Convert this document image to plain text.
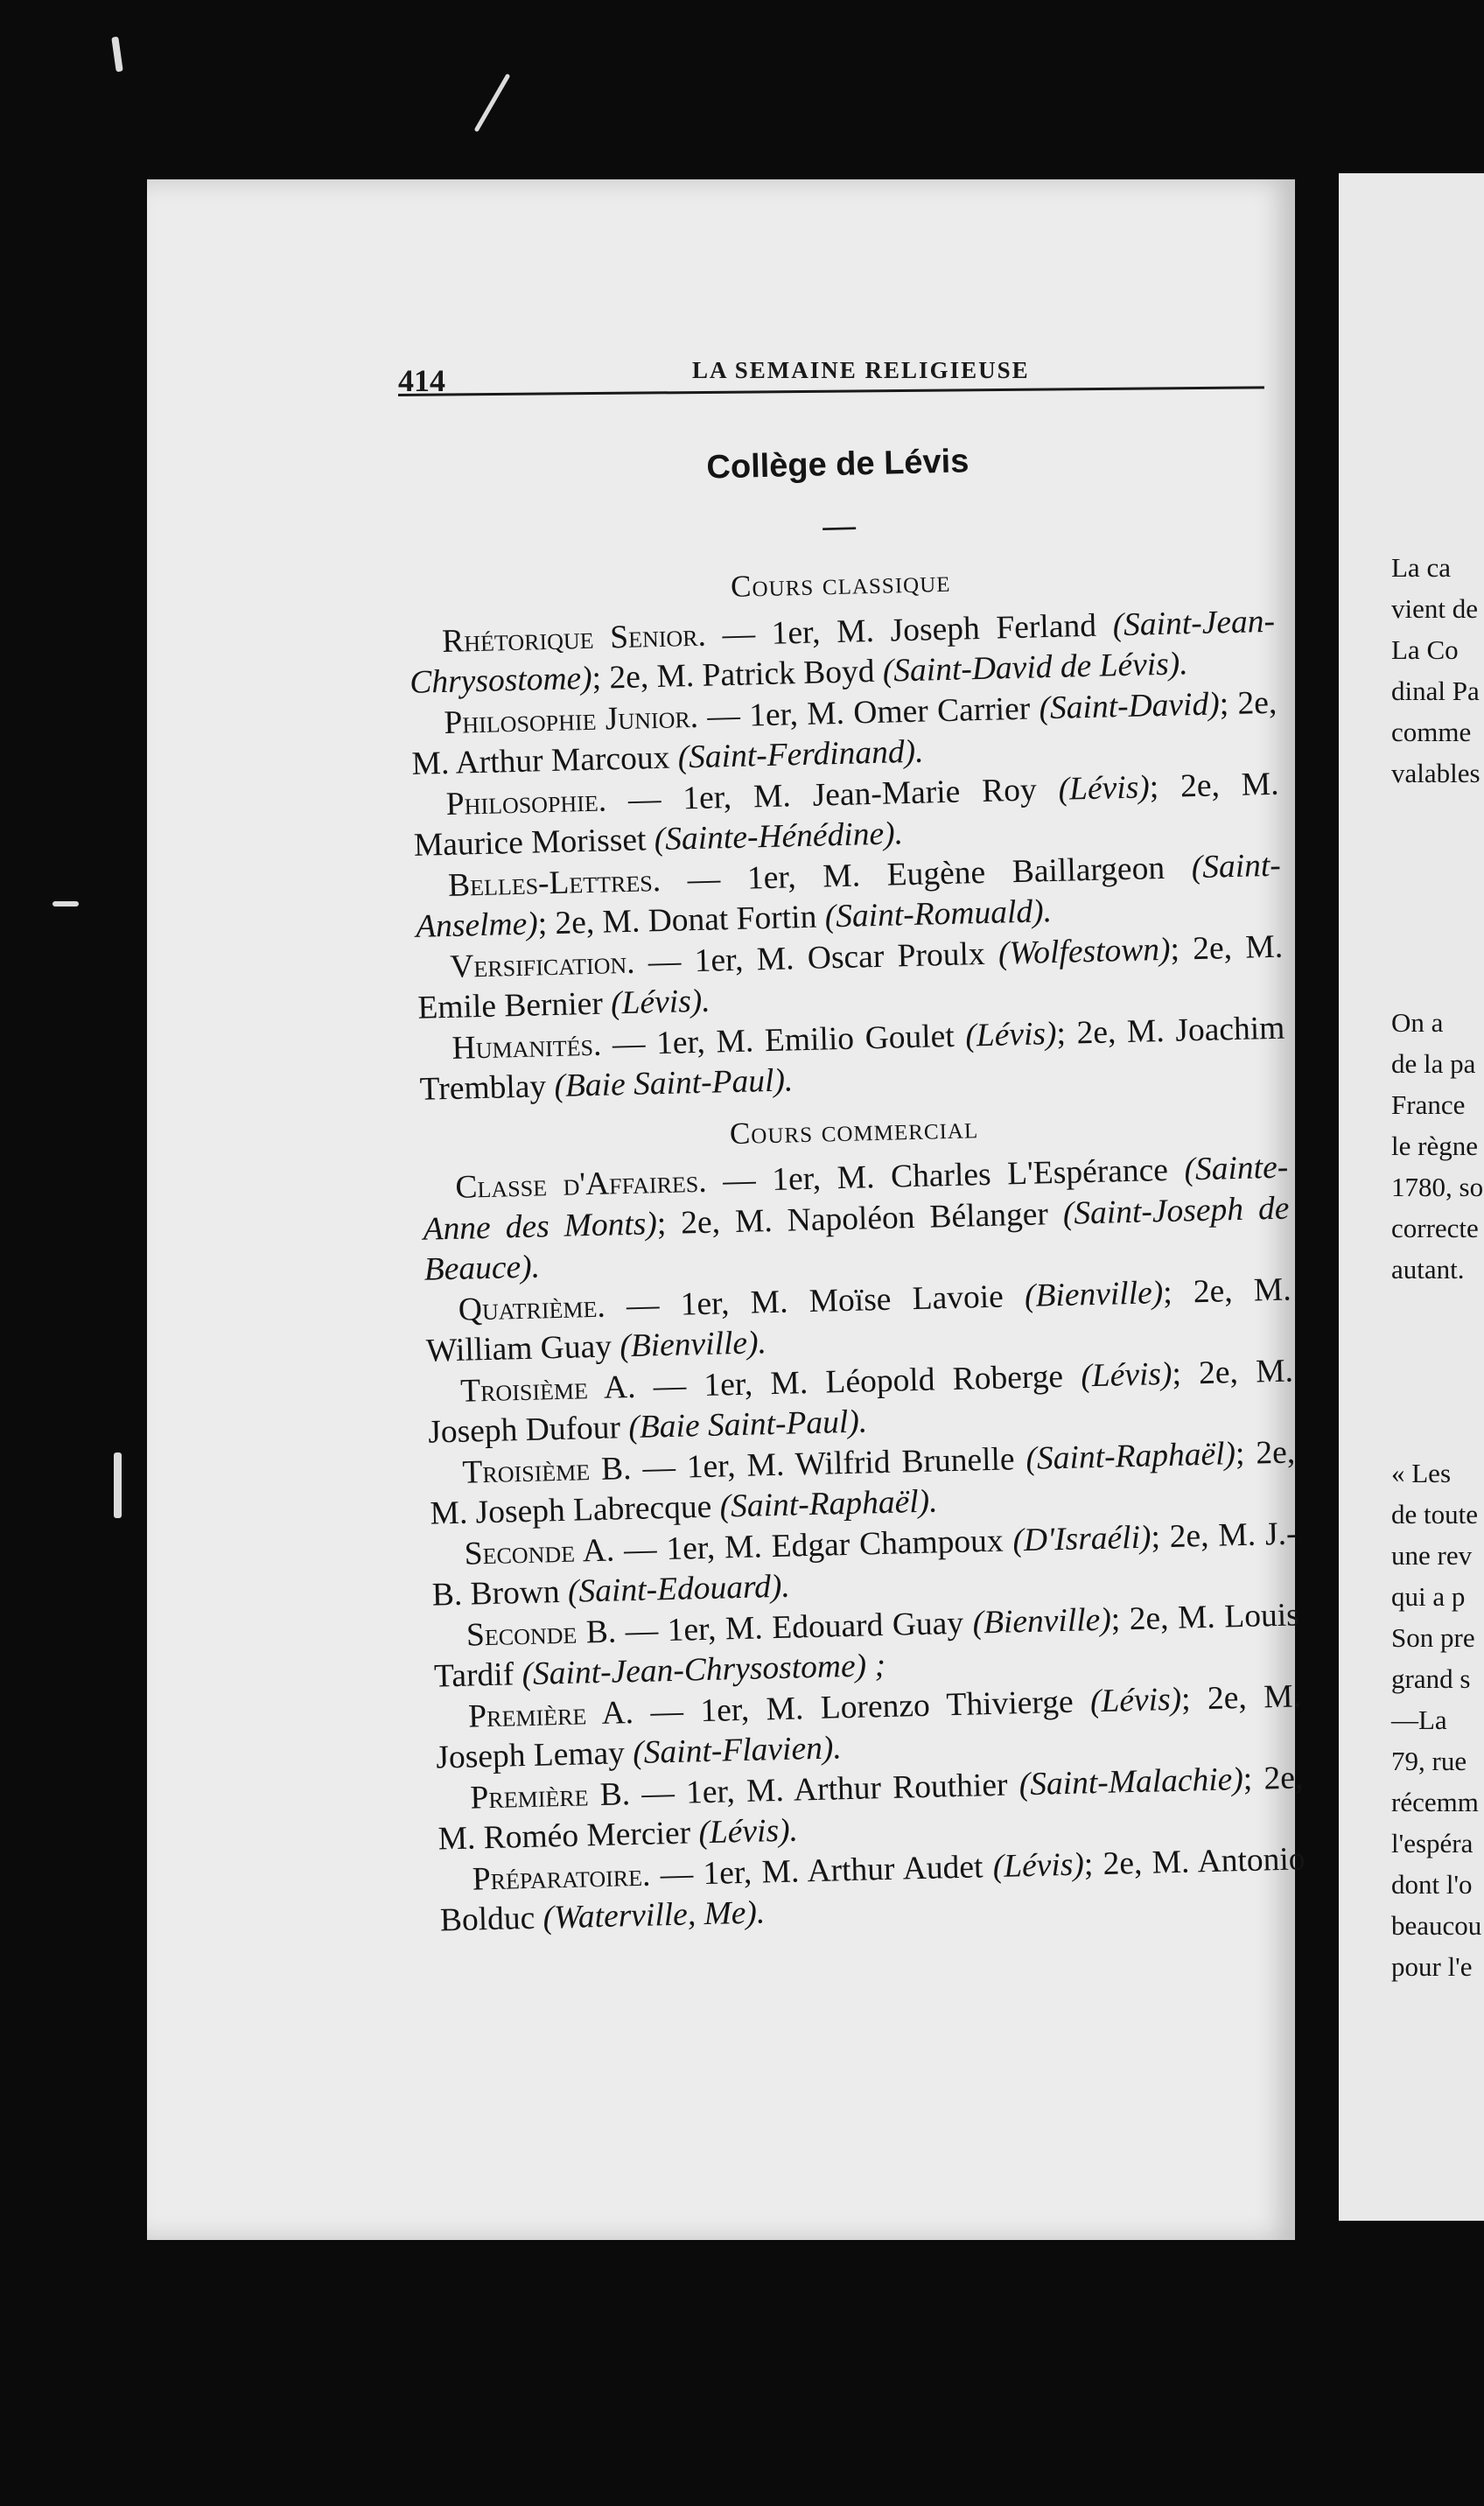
414	LA SEMAINE RELIGIEUSE
Collège de Lévis
—
Cours classique

Rhétorique Senior. — 1er, M. Joseph Ferland (Saint-Jean-Chrysostome); 2e, M. Patrick Boyd (Saint-David de Lévis).

Philosophie Junior. — 1er, M. Omer Carrier (Saint-David); 2e, M. Arthur Marcoux (Saint-Ferdinand).

Philosophie. — 1er, M. Jean-Marie Roy (Lévis); 2e, M. Maurice Morisset (Sainte-Hénédine).

Belles-Lettres. — 1er, M. Eugène Baillargeon (Saint-Anselme); 2e, M. Donat Fortin (Saint-Romuald).

Versification. — 1er, M. Oscar Proulx (Wolfestown); 2e, M. Emile Bernier (Lévis).

Humanités. — 1er, M. Emilio Goulet (Lévis); 2e, M. Joachim Tremblay (Baie Saint-Paul).

Cours commercial

Classe d'Affaires. — 1er, M. Charles L'Espérance (Sainte-Anne des Monts); 2e, M. Napoléon Bélanger (Saint-Joseph de Beauce).

Quatrième. — 1er, M. Moïse Lavoie (Bienville); 2e, M. William Guay (Bienville).

Troisième A. — 1er, M. Léopold Roberge (Lévis); 2e, M. Joseph Dufour (Baie Saint-Paul).

Troisième B. — 1er, M. Wilfrid Brunelle (Saint-Raphaël); 2e, M. Joseph Labrecque (Saint-Raphaël).

Seconde A. — 1er, M. Edgar Champoux (D'Israéli); 2e, M. J.-B. Brown (Saint-Edouard).

Seconde B. — 1er, M. Edouard Guay (Bienville); 2e, M. Louis Tardif (Saint-Jean-Chrysostome) ;

Première A. — 1er, M. Lorenzo Thivierge (Lévis); 2e, M. Joseph Lemay (Saint-Flavien).

Première B. — 1er, M. Arthur Routhier (Saint-Malachie); 2e, M. Roméo Mercier (Lévis).

Préparatoire. — 1er, M. Arthur Audet (Lévis); 2e, M. Antonio Bolduc (Waterville, Me).

La ca
vient de
La Co
dinal Pa
comme
valables
On a
de la pa
France
le règne
1780, so
correcte
autant.
« Les
de toute
une rev
qui a p
Son pre
grand s
—La
79, rue
récemm
l'espéra
dont l'o
beaucou
pour l'e
